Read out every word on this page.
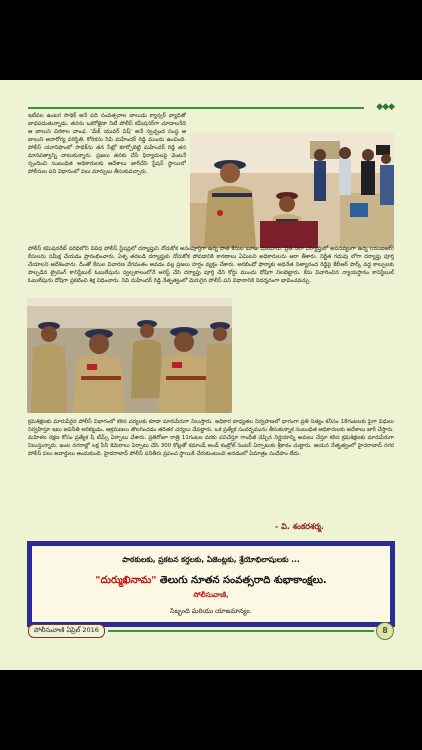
◆◆◆

ఇటీవల ఉంటగ సాథిక్ అనే పది సంవత్సరాల బాలుడు క్యాన్సర్ వ్యాధితో బాధపడుతున్నాడు. తనను ఒకరోజైనా సిటీ పోలీస్ కమీషనర్‌గా చూడాలనేది ఆ బాలుని చిరకాల వాంఛ. 'మేక్ యువర్ విష్' అనే స్వచ్ఛంద సంస్థ ఆ బాలుని అనారోగ్య పరిస్థితి, కోరికను సిపి మహేందర్ రెడ్డి ముందు ఉంచింది. పోలీస్ యూనిఫాంలో సాథిక్‌ను తన సీట్లో కూర్చోబెట్టి మహేందర్ రెడ్డి తన మానవత్వాన్ని చాటుకున్నారు. ప్రజలు తనకు చేసే ఫిర్యాదులపై వెంటనే స్పందించి సంబంధిత అధికారులకు ఆదేశాలు జారీచేసి స్టేషన్ స్థాయిలో పోలీసుల పని విధానంలో పలు మార్పులు తీసుకువచ్చారు.

పోలీస్ కమిషనరేట్ పరిధిలోని వివిధ పోలీస్ స్టేషన్లలో దర్యాప్తుని నోచుకోక అసంపూర్తిగా ఉన్న పాత కేసుల బూజు దులిపారు. ప్రతి నెలా దర్యాప్తులో అపసవ్యంగా ఉన్న (యుఐఆర్) కేసులను సమీక్ష చేయడం ప్రారంభించారు. ఏళ్ళ తరబడి దర్యాప్తుకు నోచుకోక పోవడానికి కారణాలు ఏమిటని అధికారులను ఆరా తీశారు. నిర్ణీత గడువు లోగా దర్యాప్తు పూర్తి చేయాలని ఆదేశించారు. దీంతో కేసుల విచారణ వేగవంతం అవడం వల్ల ప్రజలు హర్షం వ్యక్తం చేశారు. అరబిందో ఫార్మాకు అధినేత నిత్యానంద రెడ్డిపై కేబీఆర్ పార్క్ వద్ద కాల్పులకు పాల్పడిన ట్రైనింగ్ కానిస్టేబుల్ ఓబులేషును స్వల్పకాలంలోనే అరెస్ట్ చేసి దర్యాప్తు పూర్తి చేసి కోర్టు ముందు దోషిగా నిలబెట్టారు. కేసు విచారించిన న్యాయస్థానం కానిస్టేబుల్ ఓబులేషును దోషిగా ప్రకటించి శిక్ష విధించారు. సిపి మహేందర్ రెడ్డి నేతృత్వంలో మెరుగైన పోలీస్ పని విధానానికి నిదర్శనంగా భావించవచ్చు.

క్రమశిక్షణకు మారుపేరైన పోలీస్ విభాగంలో కఠిన చర్యలకు కూడా మారుపేరుగా నిలుస్తారు. అధికార బాధ్యతల నిర్వహణలో భాగంగా ప్రతి నిత్యం కనీసం 18గంటలకు పైగా విధులు నిర్వహిస్తూ ఇటు అవినీతి అరికట్టడం, ఆక్రమణలు తొలగించడం తదితర చర్యలు చేపట్టారు. ఒక ప్రత్యేక సందర్భమును తీసుకున్నాక సంబంధిత అధికారులకు ఆదేశాలు జారీ చేస్తారు. మహిళల రక్షణ కోసం ప్రత్యేక షీ టీమ్స్ ఏర్పాటు చేశారు. ప్రతిరోజూ రాత్రి 11గంటల వరకు పనిచేస్తూ గాంధీజీ చెప్పిన నిర్ణయాన్ని అమలు చేస్తూ కఠిన క్రమశిక్షణకు మారుపేరుగా నిలుస్తున్నారు. జంట నగరాల్లో లక్ష సీసీ కెమెరాలు ఏర్పాటు చేసి 300 కోట్లతో కమాండ్ అండ్ కంట్రోల్ సెంటర్ ఏర్పాటుకు శ్రీకారం చుట్టారు. ఆయన నేతృత్వంలో హైదరాబాద్ నగర పోలీస్ పలు అవార్డులు అందుకుంది. హైదరాబాద్ పోలీస్ పనితీరు ప్రపంచ స్థాయికి చేరుకుంటుంది అనడంలో ఏమాత్రం సందేహం లేదు.

- వి. శంకరశర్మ.
పాఠకులకు, ప్రకటన కర్తలకు, ఏజెంట్లకు, శ్రేయోభిలాషులకు ...
"దుర్ముఖినామ" తెలుగు నూతన సంవత్సరాది శుభాకాంక్షలు.
సోలీసువాణి,
సిబ్బంది మరియు యాజమాన్యం.
పోలీసువాణి ఏప్రిల్ 2016	8
